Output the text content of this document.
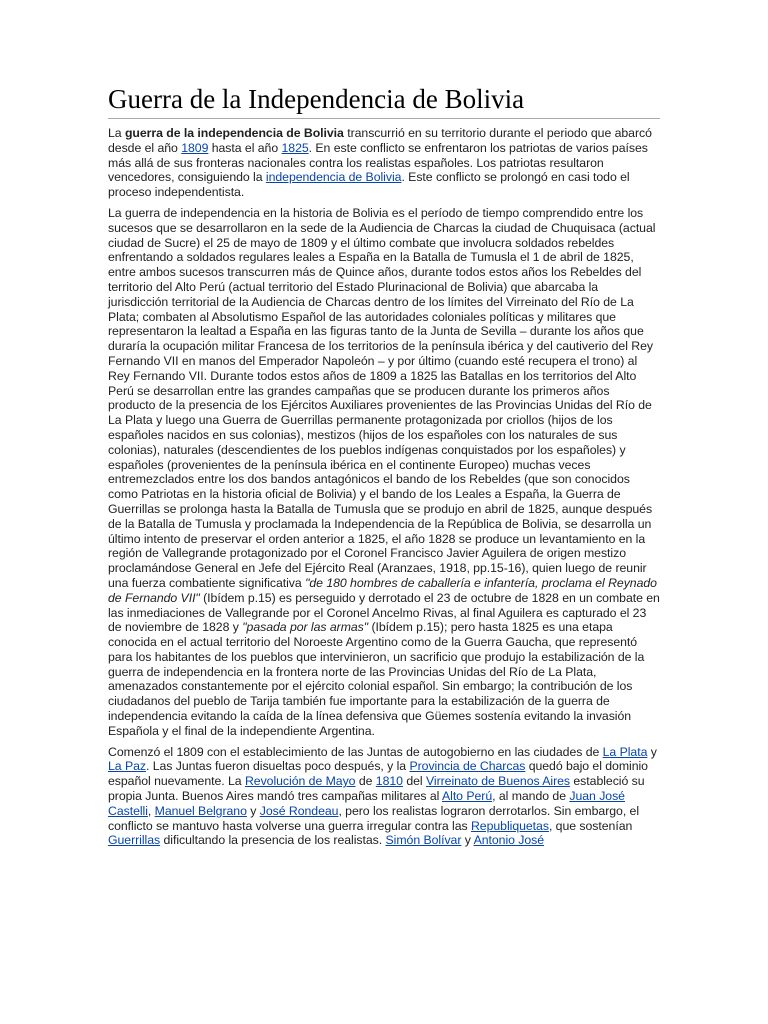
Guerra de la Independencia de Bolivia

La guerra de la independencia de Bolivia transcurrió en su territorio durante el periodo que abarcó desde el año 1809 hasta el año 1825. En este conflicto se enfrentaron los patriotas de varios países más allá de sus fronteras nacionales contra los realistas españoles. Los patriotas resultaron vencedores, consiguiendo la independencia de Bolivia. Este conflicto se prolongó en casi todo el proceso independentista.

La guerra de independencia en la historia de Bolivia es el período de tiempo comprendido entre los sucesos que se desarrollaron en la sede de la Audiencia de Charcas la ciudad de Chuquisaca (actual ciudad de Sucre) el 25 de mayo de 1809 y el último combate que involucra soldados rebeldes enfrentando a soldados regulares leales a España en la Batalla de Tumusla el 1 de abril de 1825, entre ambos sucesos transcurren más de Quince años, durante todos estos años los Rebeldes del territorio del Alto Perú (actual territorio del Estado Plurinacional de Bolivia) que abarcaba la jurisdicción territorial de la Audiencia de Charcas dentro de los límites del Virreinato del Río de La Plata; combaten al Absolutismo Español de las autoridades coloniales políticas y militares que representaron la lealtad a España en las figuras tanto de la Junta de Sevilla – durante los años que duraría la ocupación militar Francesa de los territorios de la península ibérica y del cautiverio del Rey Fernando VII en manos del Emperador Napoleón – y por último (cuando esté recupera el trono) al Rey Fernando VII. Durante todos estos años de 1809 a 1825 las Batallas en los territorios del Alto Perú se desarrollan entre las grandes campañas que se producen durante los primeros años producto de la presencia de los Ejércitos Auxiliares provenientes de las Provincias Unidas del Río de La Plata y luego una Guerra de Guerrillas permanente protagonizada por criollos (hijos de los españoles nacidos en sus colonias), mestizos (hijos de los españoles con los naturales de sus colonias), naturales (descendientes de los pueblos indígenas conquistados por los españoles) y españoles (provenientes de la península ibérica en el continente Europeo) muchas veces entremezclados entre los dos bandos antagónicos el bando de los Rebeldes (que son conocidos como Patriotas en la historia oficial de Bolivia) y el bando de los Leales a España, la Guerra de Guerrillas se prolonga hasta la Batalla de Tumusla que se produjo en abril de 1825, aunque después de la Batalla de Tumusla y proclamada la Independencia de la República de Bolivia, se desarrolla un último intento de preservar el orden anterior a 1825, el año 1828 se produce un levantamiento en la región de Vallegrande protagonizado por el Coronel Francisco Javier Aguilera de origen mestizo proclamándose General en Jefe del Ejército Real (Aranzaes, 1918, pp.15-16), quien luego de reunir una fuerza combatiente significativa "de 180 hombres de caballería e infantería, proclama el Reynado de Fernando VII" (Ibídem p.15) es perseguido y derrotado el 23 de octubre de 1828 en un combate en las inmediaciones de Vallegrande por el Coronel Ancelmo Rivas, al final Aguilera es capturado el 23 de noviembre de 1828 y "pasada por las armas" (Ibídem p.15); pero hasta 1825 es una etapa conocida en el actual territorio del Noroeste Argentino como de la Guerra Gaucha, que representó para los habitantes de los pueblos que intervinieron, un sacrificio que produjo la estabilización de la guerra de independencia en la frontera norte de las Provincias Unidas del Río de La Plata, amenazados constantemente por el ejército colonial español. Sin embargo; la contribución de los ciudadanos del pueblo de Tarija también fue importante para la estabilización de la guerra de independencia evitando la caída de la línea defensiva que Güemes sostenía evitando la invasión Española y el final de la independiente Argentina.

Comenzó el 1809 con el establecimiento de las Juntas de autogobierno en las ciudades de La Plata y La Paz. Las Juntas fueron disueltas poco después, y la Provincia de Charcas quedó bajo el dominio español nuevamente. La Revolución de Mayo de 1810 del Virreinato de Buenos Aires estableció su propia Junta. Buenos Aires mandó tres campañas militares al Alto Perú, al mando de Juan José Castelli, Manuel Belgrano y José Rondeau, pero los realistas lograron derrotarlos. Sin embargo, el conflicto se mantuvo hasta volverse una guerra irregular contra las Republiquetas, que sostenían Guerrillas dificultando la presencia de los realistas. Simón Bolívar y Antonio José
